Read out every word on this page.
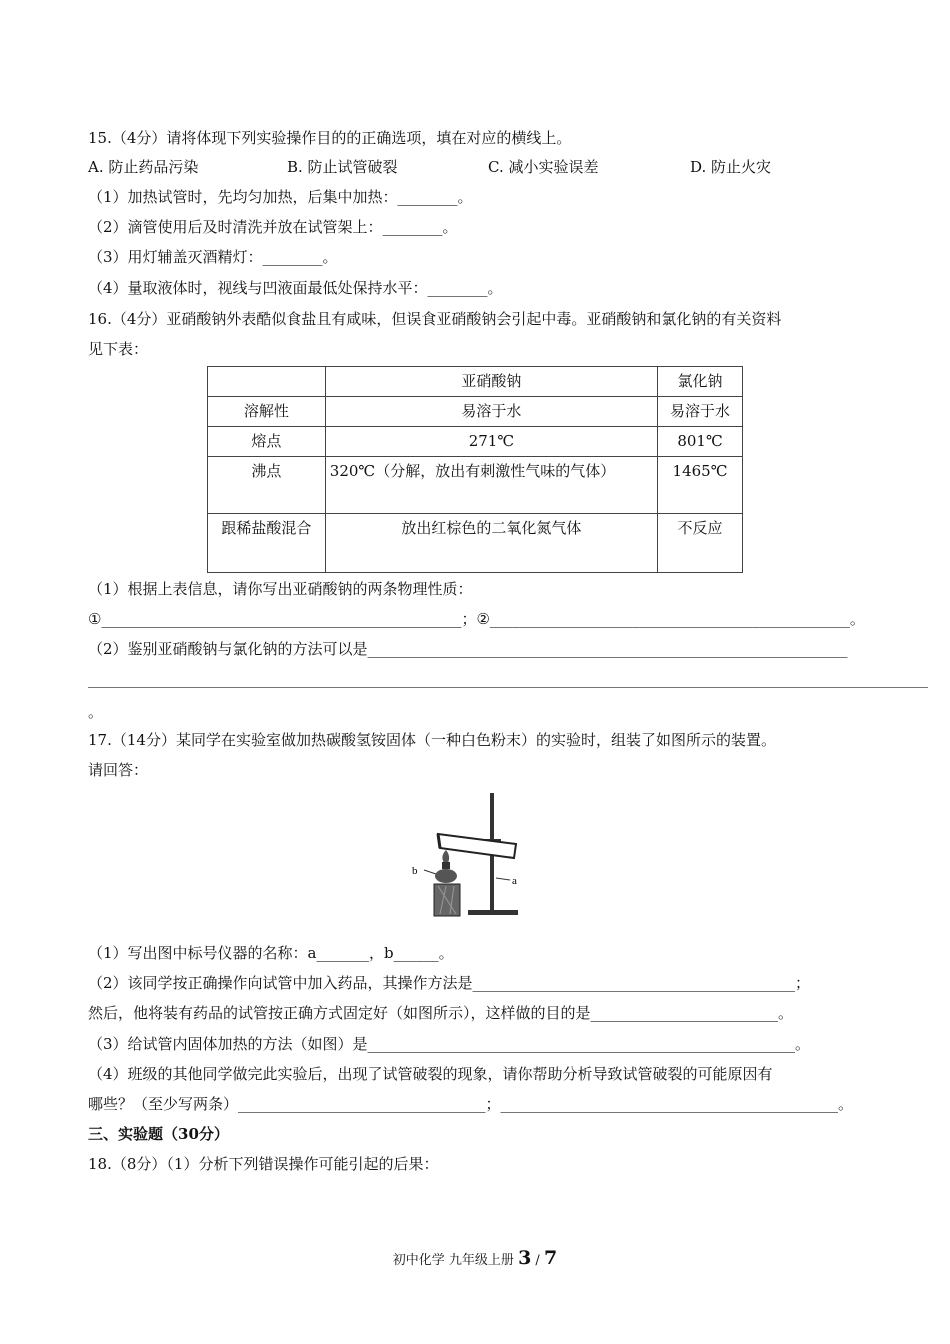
15.（4分）请将体现下列实验操作目的的正确选项，填在对应的横线上。
A. 防止药品污染	B. 防止试管破裂	C. 减小实验误差	D. 防止火灾
（1）加热试管时，先均匀加热，后集中加热：________。
（2）滴管使用后及时清洗并放在试管架上：________。
（3）用灯辅盖灭酒精灯：________。
（4）量取液体时，视线与凹液面最低处保持水平：________。
16.（4分）亚硝酸钠外表酷似食盐且有咸味，但误食亚硝酸钠会引起中毒。亚硝酸钠和氯化钠的有关资料
见下表：
	亚硝酸钠	氯化钠
溶解性	易溶于水	易溶于水
熔点	271℃	801℃
沸点	320℃（分解，放出有刺激性气味的气体）	1465℃
跟稀盐酸混合	放出红棕色的二氧化氮气体	不反应
（1）根据上表信息，请你写出亚硝酸钠的两条物理性质：
①________________________________________________；②________________________________________________。
（2）鉴别亚硝酸钠与氯化钠的方法可以是________________________________________________________________
________________________________________________________________________________________________________________
。
17.（14分）某同学在实验室做加热碳酸氢铵固体（一种白色粉末）的实验时，组装了如图所示的装置。
请回答：
b
a
（1）写出图中标号仪器的名称：a_______，b______。
（2）该同学按正确操作向试管中加入药品，其操作方法是___________________________________________；
然后，他将装有药品的试管按正确方式固定好（如图所示），这样做的目的是_________________________。
（3）给试管内固体加热的方法（如图）是_________________________________________________________。
（4）班级的其他同学做完此实验后，出现了试管破裂的现象，请你帮助分析导致试管破裂的可能原因有
哪些？（至少写两条）_________________________________；_____________________________________________。
三、实验题（30分）
18.（8分）（1）分析下列错误操作可能引起的后果：
初中化学 九年级上册 3 / 7
